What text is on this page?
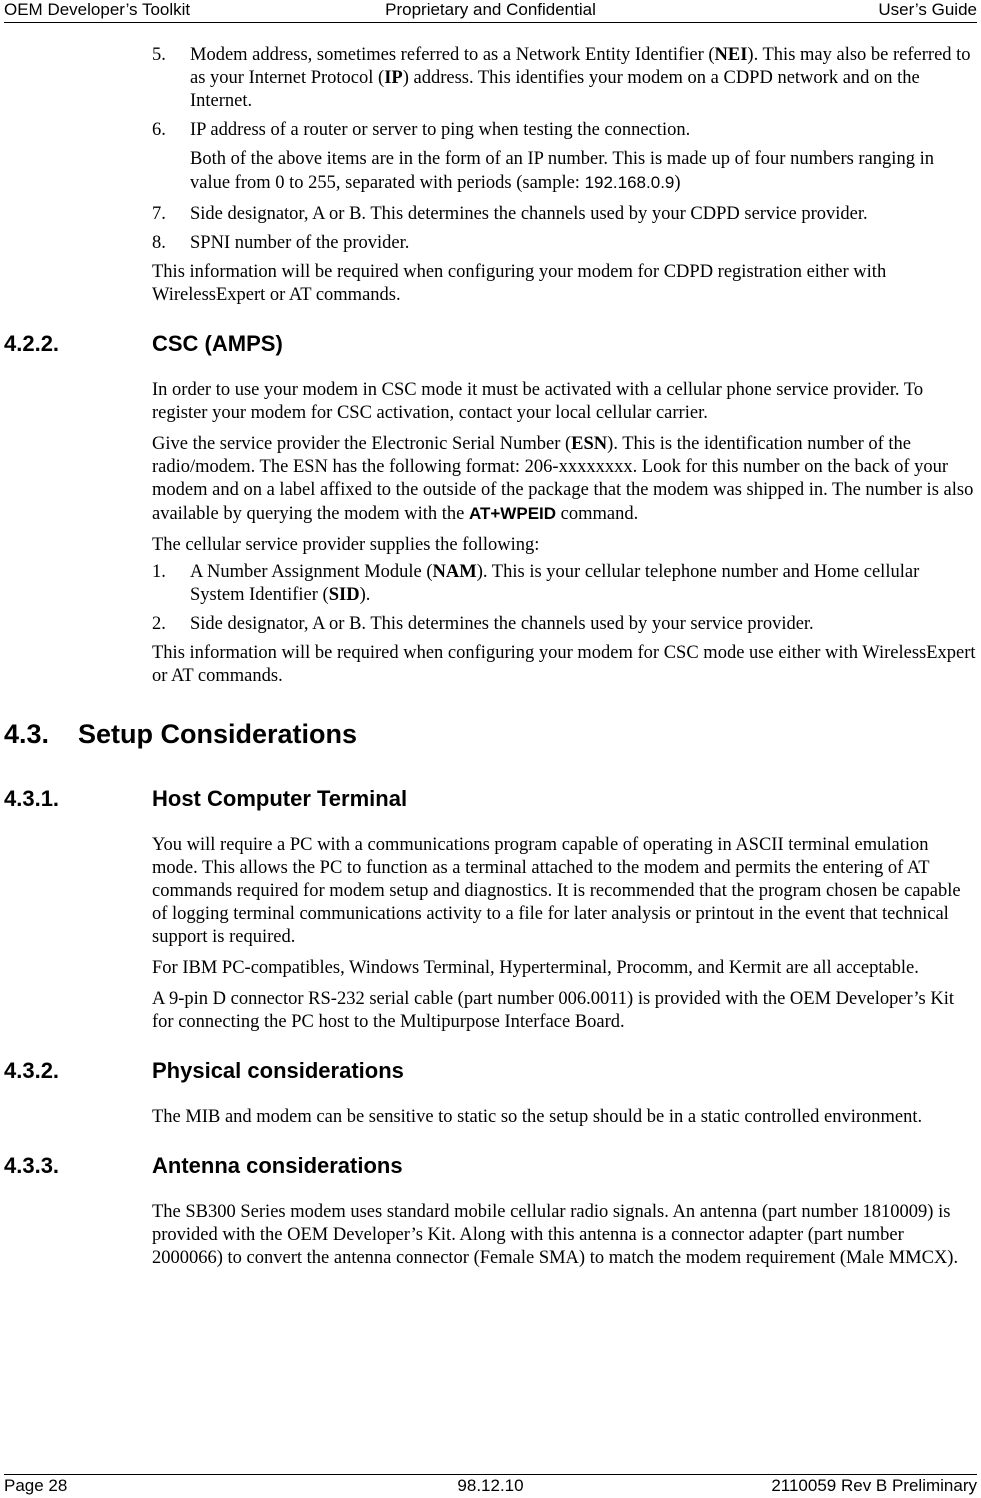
OEM Developer’s Toolkit	Proprietary and Confidential	User’s Guide
5. Modem address, sometimes referred to as a Network Entity Identifier (NEI). This may also be referred to as your Internet Protocol (IP) address. This identifies your modem on a CDPD network and on the Internet.
6. IP address of a router or server to ping when testing the connection.

Both of the above items are in the form of an IP number. This is made up of four numbers ranging in value from 0 to 255, separated with periods (sample: 192.168.0.9)

7. Side designator, A or B. This determines the channels used by your CDPD service provider.
8. SPNI number of the provider.

This information will be required when configuring your modem for CDPD registration either with WirelessExpert or AT commands.

4.2.2.	CSC (AMPS)

In order to use your modem in CSC mode it must be activated with a cellular phone service provider. To register your modem for CSC activation, contact your local cellular carrier.

Give the service provider the Electronic Serial Number (ESN). This is the identification number of the radio/modem. The ESN has the following format: 206-xxxxxxxx. Look for this number on the back of your modem and on a label affixed to the outside of the package that the modem was shipped in. The number is also available by querying the modem with the AT+WPEID command.

The cellular service provider supplies the following:

1. A Number Assignment Module (NAM). This is your cellular telephone number and Home cellular System Identifier (SID).
2. Side designator, A or B. This determines the channels used by your service provider.

This information will be required when configuring your modem for CSC mode use either with WirelessExpert or AT commands.

4.3. Setup Considerations
4.3.1.	Host Computer Terminal

You will require a PC with a communications program capable of operating in ASCII terminal emulation mode. This allows the PC to function as a terminal attached to the modem and permits the entering of AT commands required for modem setup and diagnostics. It is recommended that the program chosen be capable of logging terminal communications activity to a file for later analysis or printout in the event that technical support is required.

For IBM PC-compatibles, Windows Terminal, Hyperterminal, Procomm, and Kermit are all acceptable.

A 9-pin D connector RS-232 serial cable (part number 006.0011) is provided with the OEM Developer’s Kit for connecting the PC host to the Multipurpose Interface Board.

4.3.2.	Physical considerations

The MIB and modem can be sensitive to static so the setup should be in a static controlled environment.

4.3.3.	Antenna considerations

The SB300 Series modem uses standard mobile cellular radio signals. An antenna (part number 1810009) is provided with the OEM Developer’s Kit. Along with this antenna is a connector adapter (part number 2000066) to convert the antenna connector (Female SMA) to match the modem requirement (Male MMCX).

Page 28	98.12.10	2110059 Rev B Preliminary
